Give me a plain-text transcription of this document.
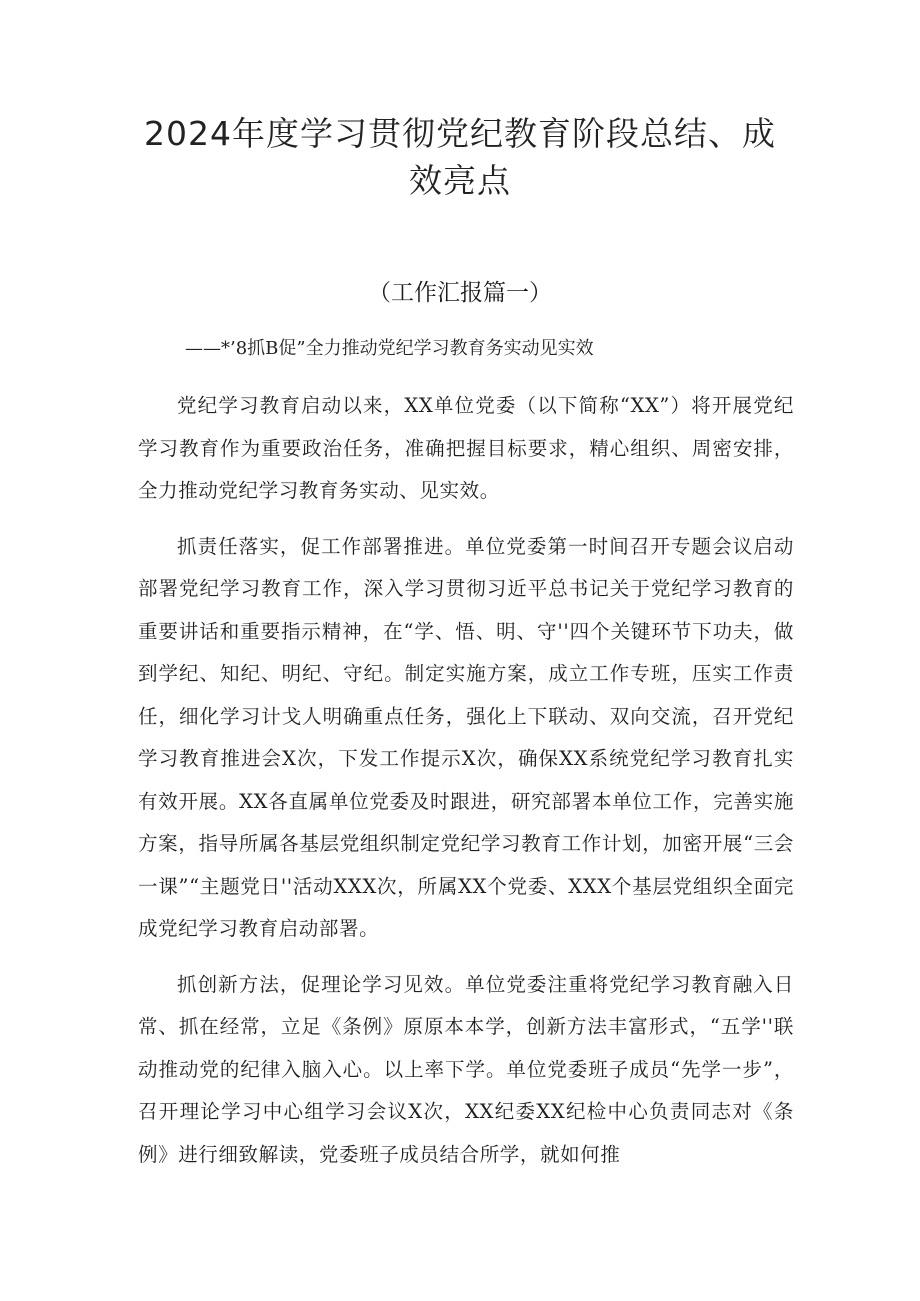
2024年度学习贯彻党纪教育阶段总结、成效亮点
（工作汇报篇一）
——*’8抓B促”全力推动党纪学习教育务实动见实效

党纪学习教育启动以来，XX单位党委（以下简称“XX”）将开展党纪学习教育作为重要政治任务，准确把握目标要求，精心组织、周密安排，全力推动党纪学习教育务实动、见实效。

抓责任落实，促工作部署推进。单位党委第一时间召开专题会议启动部署党纪学习教育工作，深入学习贯彻习近平总书记关于党纪学习教育的重要讲话和重要指示精神，在“学、悟、明、守''四个关键环节下功夫，做到学纪、知纪、明纪、守纪。制定实施方案，成立工作专班，压实工作责任，细化学习计戈人明确重点任务，强化上下联动、双向交流，召开党纪学习教育推进会X次，下发工作提示X次，确保XX系统党纪学习教育扎实有效开展。XX各直属单位党委及时跟进，研究部署本单位工作，完善实施方案，指导所属各基层党组织制定党纪学习教育工作计划，加密开展“三会一课”“主题党日''活动XXX次，所属XX个党委、XXX个基层党组织全面完成党纪学习教育启动部署。

抓创新方法，促理论学习见效。单位党委注重将党纪学习教育融入日常、抓在经常，立足《条例》原原本本学，创新方法丰富形式，“五学''联动推动党的纪律入脑入心。以上率下学。单位党委班子成员“先学一步”，召开理论学习中心组学习会议X次，XX纪委XX纪检中心负责同志对《条例》进行细致解读，党委班子成员结合所学，就如何推
